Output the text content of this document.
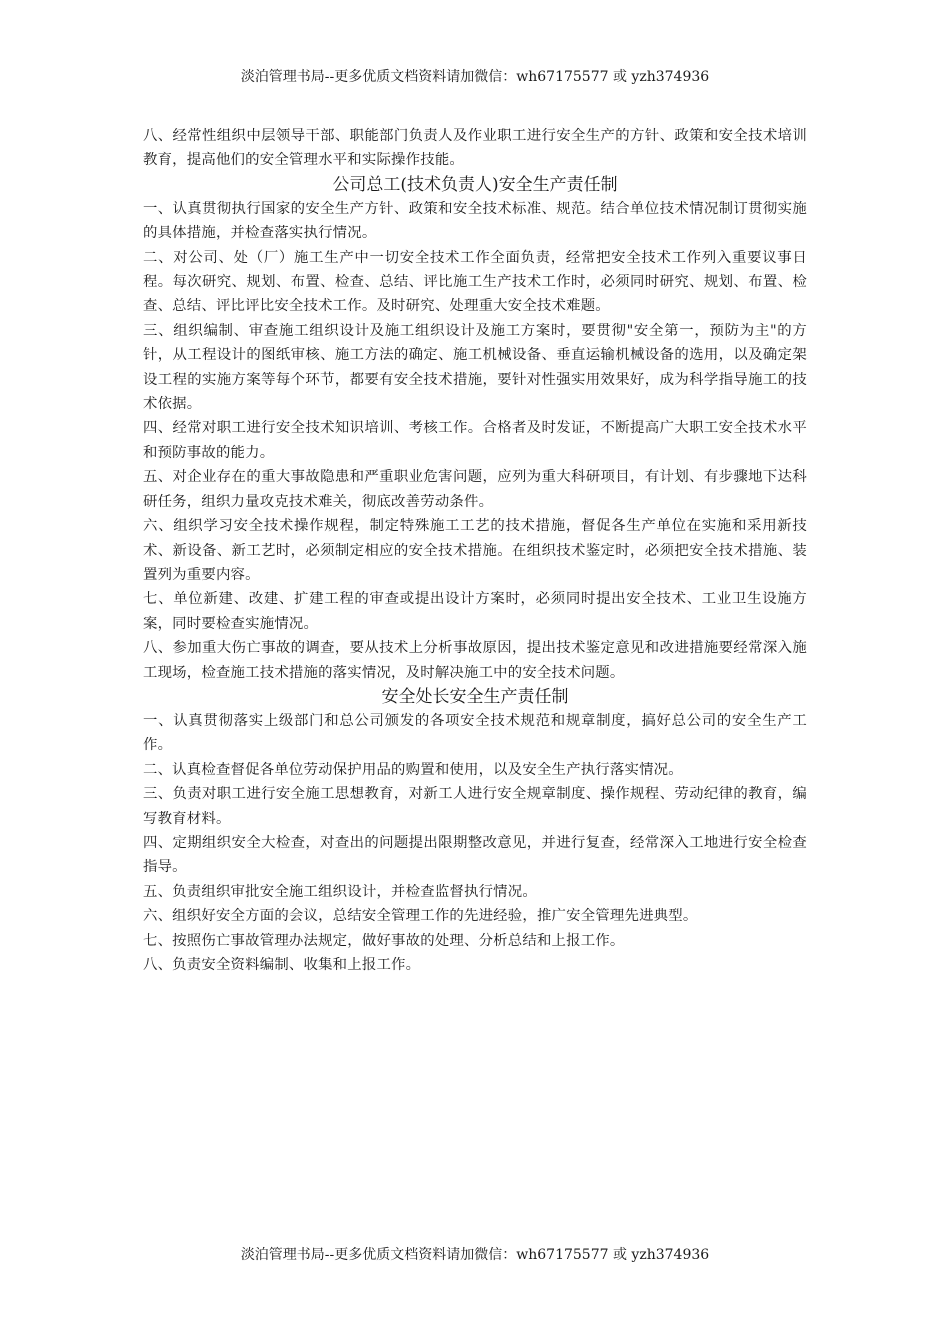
淡泊管理书局--更多优质文档资料请加微信：wh67175577 或 yzh374936

八、经常性组织中层领导干部、职能部门负责人及作业职工进行安全生产的方针、政策和安全技术培训教育，提高他们的安全管理水平和实际操作技能。

公司总工(技术负责人)安全生产责任制

一、认真贯彻执行国家的安全生产方针、政策和安全技术标准、规范。结合单位技术情况制订贯彻实施的具体措施，并检查落实执行情况。

二、对公司、处（厂）施工生产中一切安全技术工作全面负责，经常把安全技术工作列入重要议事日程。每次研究、规划、布置、检查、总结、评比施工生产技术工作时，必须同时研究、规划、布置、检查、总结、评比评比安全技术工作。及时研究、处理重大安全技术难题。

三、组织编制、审查施工组织设计及施工组织设计及施工方案时，要贯彻"安全第一，预防为主"的方针，从工程设计的图纸审核、施工方法的确定、施工机械设备、垂直运输机械设备的选用，以及确定架设工程的实施方案等每个环节，都要有安全技术措施，要针对性强实用效果好，成为科学指导施工的技术依据。

四、经常对职工进行安全技术知识培训、考核工作。合格者及时发证，不断提高广大职工安全技术水平和预防事故的能力。

五、对企业存在的重大事故隐患和严重职业危害问题，应列为重大科研项目，有计划、有步骤地下达科研任务，组织力量攻克技术难关，彻底改善劳动条件。

六、组织学习安全技术操作规程，制定特殊施工工艺的技术措施，督促各生产单位在实施和采用新技术、新设备、新工艺时，必须制定相应的安全技术措施。在组织技术鉴定时，必须把安全技术措施、装置列为重要内容。

七、单位新建、改建、扩建工程的审查或提出设计方案时，必须同时提出安全技术、工业卫生设施方案，同时要检查实施情况。

八、参加重大伤亡事故的调查，要从技术上分析事故原因，提出技术鉴定意见和改进措施要经常深入施工现场，检查施工技术措施的落实情况，及时解决施工中的安全技术问题。

安全处长安全生产责任制

一、认真贯彻落实上级部门和总公司颁发的各项安全技术规范和规章制度，搞好总公司的安全生产工作。

二、认真检查督促各单位劳动保护用品的购置和使用，以及安全生产执行落实情况。

三、负责对职工进行安全施工思想教育，对新工人进行安全规章制度、操作规程、劳动纪律的教育，编写教育材料。

四、定期组织安全大检查，对查出的问题提出限期整改意见，并进行复查，经常深入工地进行安全检查指导。

五、负责组织审批安全施工组织设计，并检查监督执行情况。

六、组织好安全方面的会议，总结安全管理工作的先进经验，推广安全管理先进典型。

七、按照伤亡事故管理办法规定，做好事故的处理、分析总结和上报工作。

八、负责安全资料编制、收集和上报工作。

淡泊管理书局--更多优质文档资料请加微信：wh67175577 或 yzh374936
